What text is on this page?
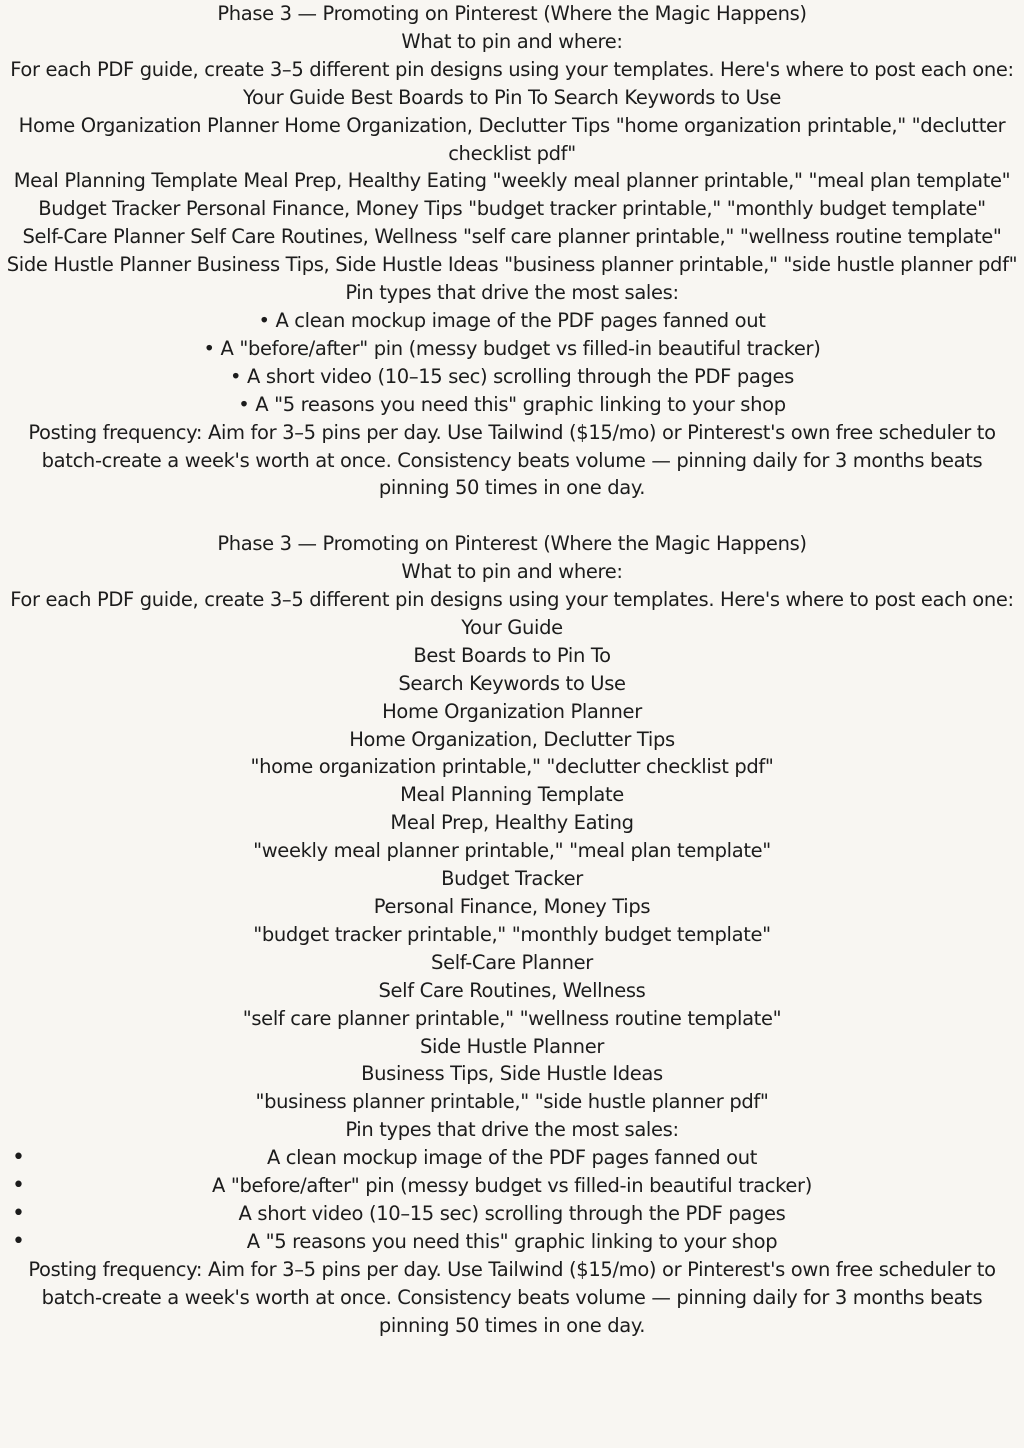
Phase 3 — Promoting on Pinterest (Where the Magic Happens)

What to pin and where:

For each PDF guide, create 3–5 different pin designs using your templates. Here's where to post each one:

Your Guide Best Boards to Pin To Search Keywords to Use

Home Organization Planner Home Organization, Declutter Tips "home organization printable," "declutter checklist pdf"
Meal Planning Template Meal Prep, Healthy Eating "weekly meal planner printable," "meal plan template"
Budget Tracker Personal Finance, Money Tips "budget tracker printable," "monthly budget template"
Self-Care Planner Self Care Routines, Wellness "self care planner printable," "wellness routine template"
Side Hustle Planner Business Tips, Side Hustle Ideas "business planner printable," "side hustle planner pdf"

Pin types that drive the most sales:

• A clean mockup image of the PDF pages fanned out
• A "before/after" pin (messy budget vs filled-in beautiful tracker)
• A short video (10–15 sec) scrolling through the PDF pages
• A "5 reasons you need this" graphic linking to your shop

Posting frequency: Aim for 3–5 pins per day. Use Tailwind ($15/mo) or Pinterest's own free scheduler to batch-create a week's worth at once. Consistency beats volume — pinning daily for 3 months beats pinning 50 times in one day.

Phase 3 — Promoting on Pinterest (Where the Magic Happens)

What to pin and where:

For each PDF guide, create 3–5 different pin designs using your templates. Here's where to post each one:

Your Guide
Best Boards to Pin To
Search Keywords to Use
Home Organization Planner
Home Organization, Declutter Tips
"home organization printable," "declutter checklist pdf"
Meal Planning Template
Meal Prep, Healthy Eating
"weekly meal planner printable," "meal plan template"
Budget Tracker
Personal Finance, Money Tips
"budget tracker printable," "monthly budget template"
Self-Care Planner
Self Care Routines, Wellness
"self care planner printable," "wellness routine template"
Side Hustle Planner
Business Tips, Side Hustle Ideas
"business planner printable," "side hustle planner pdf"

Pin types that drive the most sales:

• A clean mockup image of the PDF pages fanned out
• A "before/after" pin (messy budget vs filled-in beautiful tracker)
• A short video (10–15 sec) scrolling through the PDF pages
• A "5 reasons you need this" graphic linking to your shop

Posting frequency: Aim for 3–5 pins per day. Use Tailwind ($15/mo) or Pinterest's own free scheduler to batch-create a week's worth at once. Consistency beats volume — pinning daily for 3 months beats pinning 50 times in one day.
